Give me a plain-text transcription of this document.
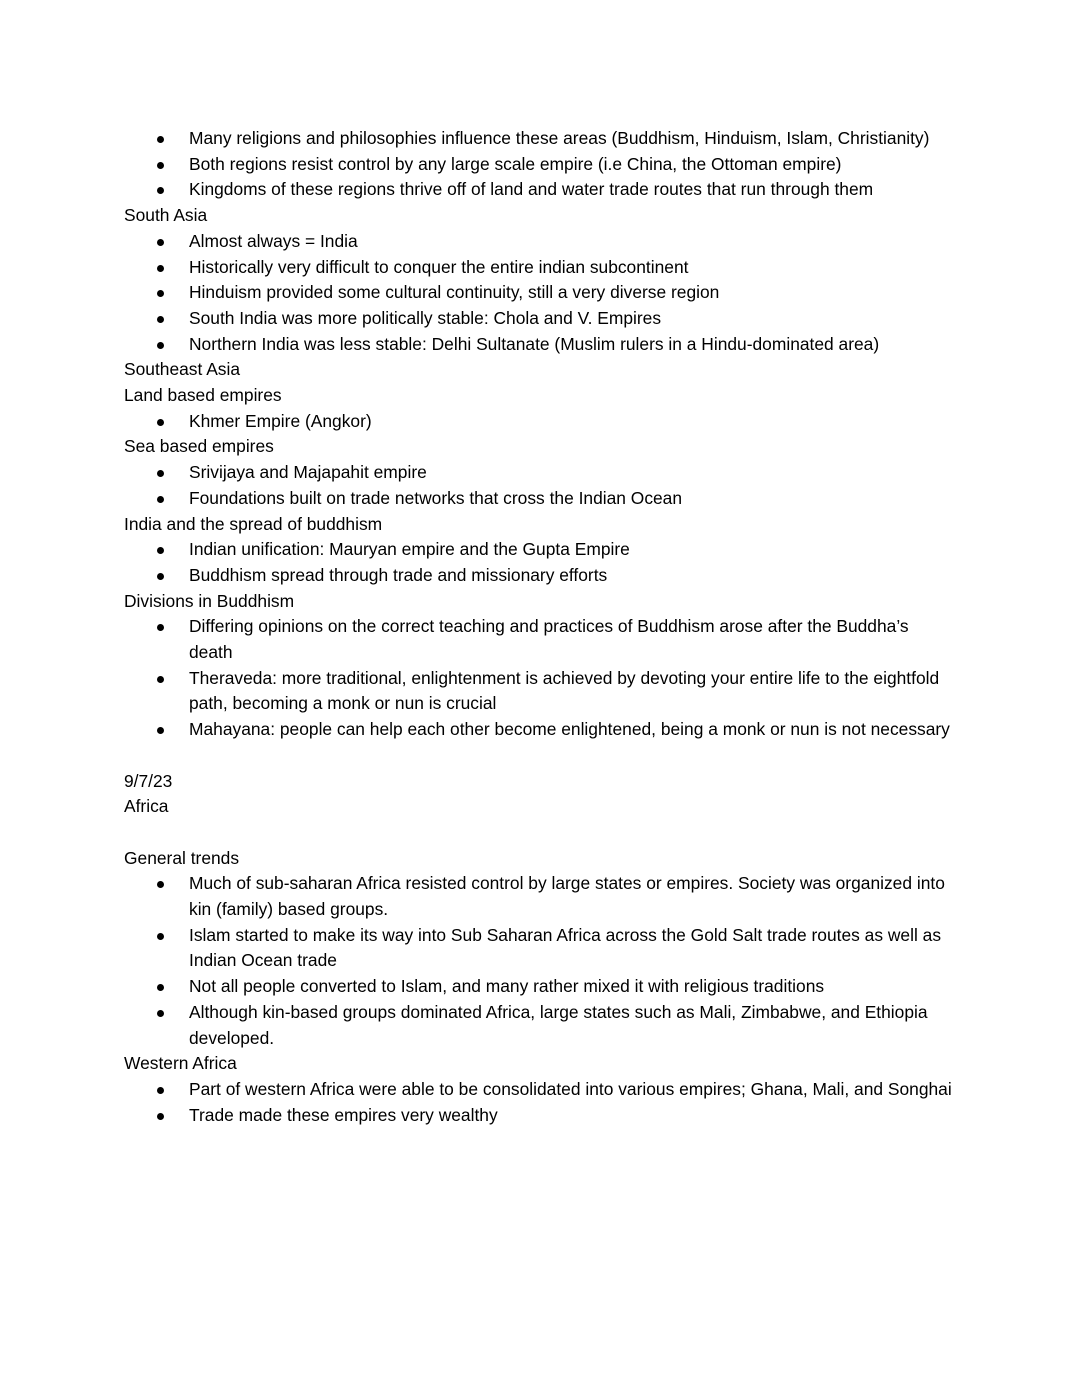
Many religions and philosophies influence these areas (Buddhism, Hinduism, Islam, Christianity)
Both regions resist control by any large scale empire (i.e China, the Ottoman empire)
Kingdoms of these regions thrive off of land and water trade routes that run through them

South Asia

Almost always = India
Historically very difficult to conquer the entire indian subcontinent
Hinduism provided some cultural continuity, still a very diverse region
South India was more politically stable: Chola and V. Empires
Northern India was less stable: Delhi Sultanate (Muslim rulers in a Hindu-dominated area)

Southeast Asia

Land based empires

Khmer Empire (Angkor)

Sea based empires

Srivijaya and Majapahit empire
Foundations built on trade networks that cross the Indian Ocean

India and the spread of buddhism

Indian unification: Mauryan empire and the Gupta Empire
Buddhism spread through trade and missionary efforts

Divisions in Buddhism

Differing opinions on the correct teaching and practices of Buddhism arose after the Buddha’s death
Theraveda: more traditional, enlightenment is achieved by devoting your entire life to the eightfold path, becoming a monk or nun is crucial
Mahayana: people can help each other become enlightened, being a monk or nun is not necessary

9/7/23

Africa

General trends

Much of sub-saharan Africa resisted control by large states or empires. Society was organized into kin (family) based groups.
Islam started to make its way into Sub Saharan Africa across the Gold Salt trade routes as well as Indian Ocean trade
Not all people converted to Islam, and many rather mixed it with religious traditions
Although kin-based groups dominated Africa, large states such as Mali, Zimbabwe, and Ethiopia developed.

Western Africa

Part of western Africa were able to be consolidated into various empires; Ghana, Mali, and Songhai
Trade made these empires very wealthy
